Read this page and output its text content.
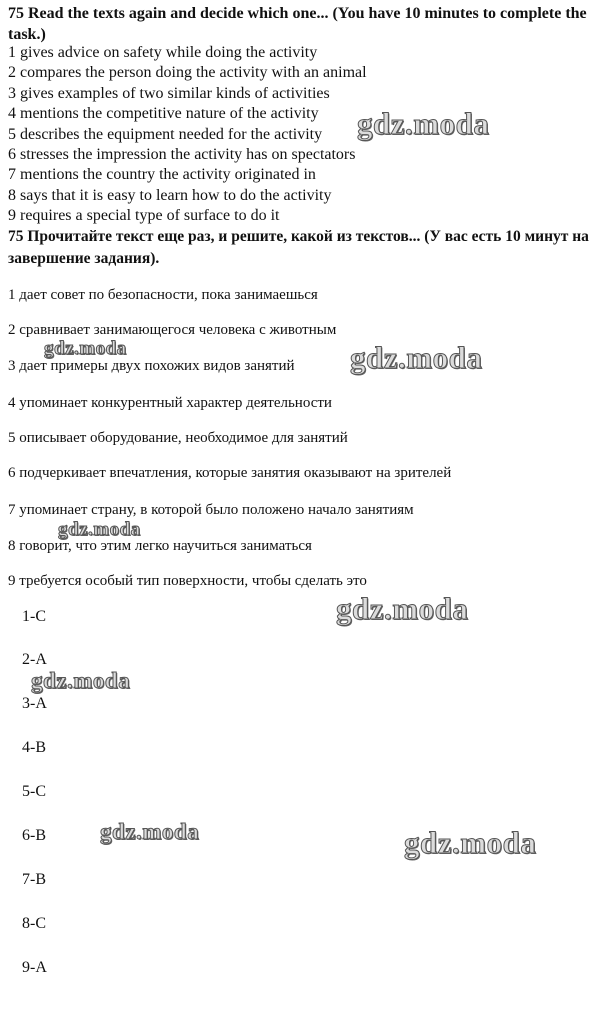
75 Read the texts again and decide which one... (You have 10 minutes to complete the task.)
1 gives advice on safety while doing the activity
2 compares the person doing the activity with an animal
3 gives examples of two similar kinds of activities
4 mentions the competitive nature of the activity
5 describes the equipment needed for the activity
6 stresses the impression the activity has on spectators
7 mentions the country the activity originated in
8 says that it is easy to learn how to do the activity
9 requires a special type of surface to do it
75 Прочитайте текст еще раз, и решите, какой из текстов... (У вас есть 10 минут на завершение задания).
1 дает совет по безопасности, пока занимаешься
2 сравнивает занимающегося человека с животным
3 дает примеры двух похожих видов занятий
4 упоминает конкурентный характер деятельности
5 описывает оборудование, необходимое для занятий
6 подчеркивает впечатления, которые занятия оказывают на зрителей
7 упоминает страну, в которой было положено начало занятиям
8 говорит, что этим легко научиться заниматься
9 требуется особый тип поверхности, чтобы сделать это
1-C
2-A
3-A
4-B
5-C
6-B
7-B
8-C
9-A
gdz.moda
gdz.moda	gdz.moda
gdz.moda
gdz.moda
gdz.moda
gdz.moda	gdz.moda
